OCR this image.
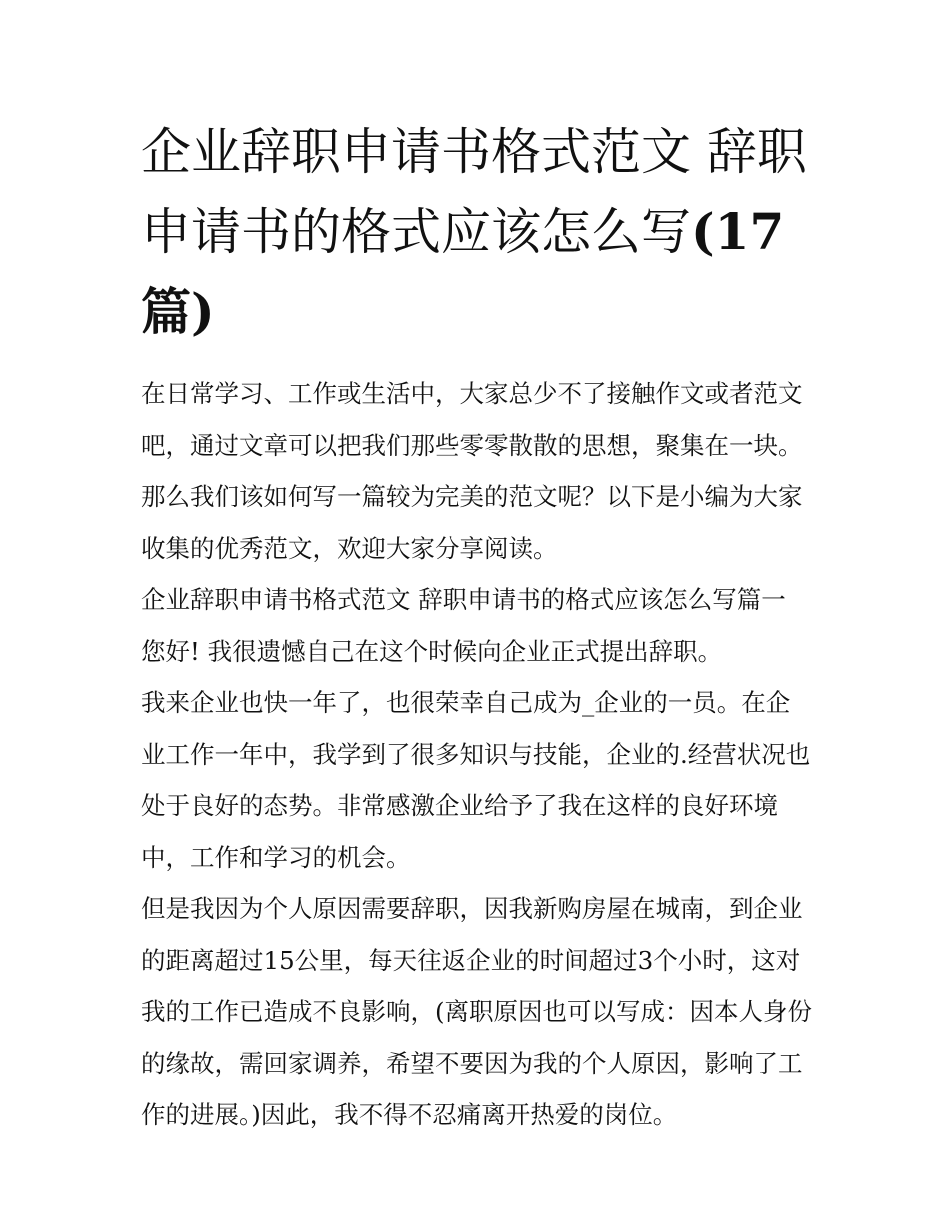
企业辞职申请书格式范文 辞职申请书的格式应该怎么写(17篇)

在日常学习、工作或生活中，大家总少不了接触作文或者范文吧，通过文章可以把我们那些零零散散的思想，聚集在一块。那么我们该如何写一篇较为完美的范文呢？以下是小编为大家收集的优秀范文，欢迎大家分享阅读。

企业辞职申请书格式范文 辞职申请书的格式应该怎么写篇一

您好! 我很遗憾自己在这个时候向企业正式提出辞职。

我来企业也快一年了，也很荣幸自己成为_企业的一员。在企业工作一年中，我学到了很多知识与技能，企业的.经营状况也处于良好的态势。非常感激企业给予了我在这样的良好环境中，工作和学习的机会。

但是我因为个人原因需要辞职，因我新购房屋在城南，到企业的距离超过15公里，每天往返企业的时间超过3个小时，这对我的工作已造成不良影响，(离职原因也可以写成：因本人身份的缘故，需回家调养，希望不要因为我的个人原因，影响了工作的进展。)因此，我不得不忍痛离开热爱的岗位。
